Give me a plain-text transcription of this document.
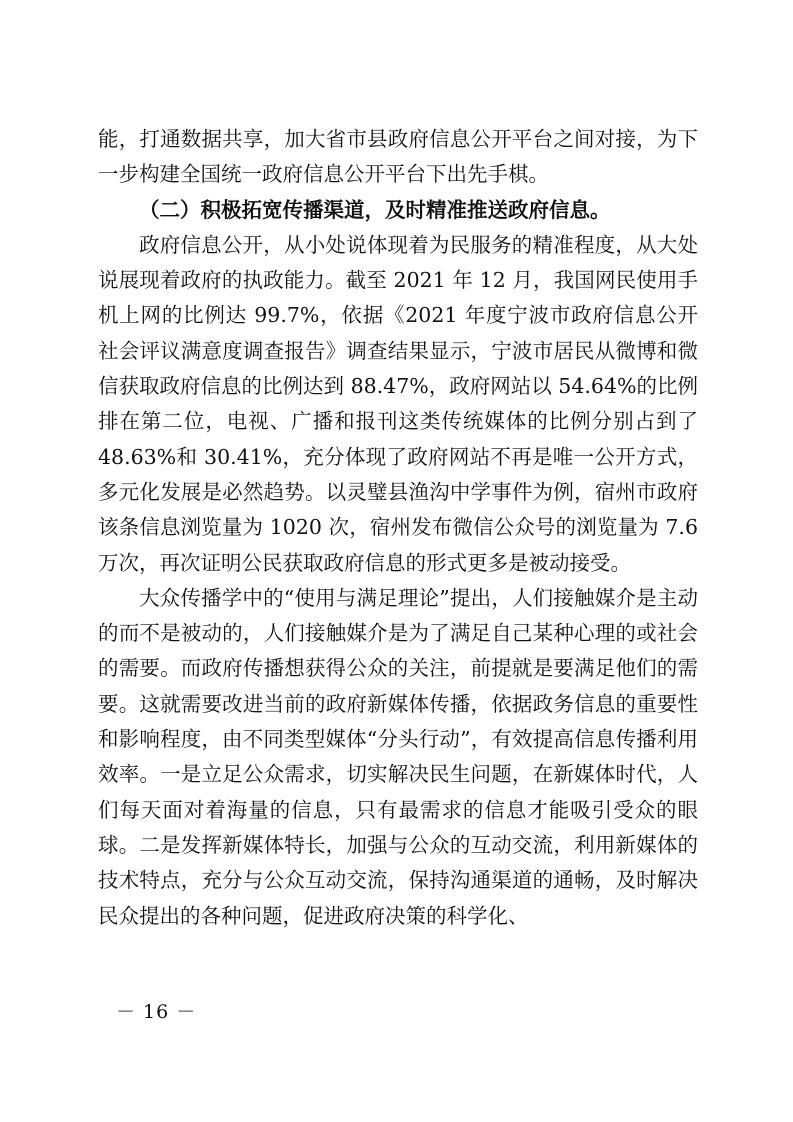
能，打通数据共享，加大省市县政府信息公开平台之间对接，为下一步构建全国统一政府信息公开平台下出先手棋。

（二）积极拓宽传播渠道，及时精准推送政府信息。

政府信息公开，从小处说体现着为民服务的精准程度，从大处说展现着政府的执政能力。截至 2021 年 12 月，我国网民使用手机上网的比例达 99.7%，依据《2021 年度宁波市政府信息公开社会评议满意度调查报告》调查结果显示，宁波市居民从微博和微信获取政府信息的比例达到 88.47%，政府网站以 54.64%的比例排在第二位，电视、广播和报刊这类传统媒体的比例分别占到了 48.63%和 30.41%，充分体现了政府网站不再是唯一公开方式，多元化发展是必然趋势。以灵璧县渔沟中学事件为例，宿州市政府该条信息浏览量为 1020 次，宿州发布微信公众号的浏览量为 7.6 万次，再次证明公民获取政府信息的形式更多是被动接受。

大众传播学中的“使用与满足理论”提出，人们接触媒介是主动的而不是被动的，人们接触媒介是为了满足自己某种心理的或社会的需要。而政府传播想获得公众的关注，前提就是要满足他们的需要。这就需要改进当前的政府新媒体传播，依据政务信息的重要性和影响程度，由不同类型媒体“分头行动”，有效提高信息传播利用效率。一是立足公众需求，切实解决民生问题，在新媒体时代，人们每天面对着海量的信息，只有最需求的信息才能吸引受众的眼球。二是发挥新媒体特长，加强与公众的互动交流，利用新媒体的技术特点，充分与公众互动交流，保持沟通渠道的通畅，及时解决民众提出的各种问题，促进政府决策的科学化、

－ 16 －
